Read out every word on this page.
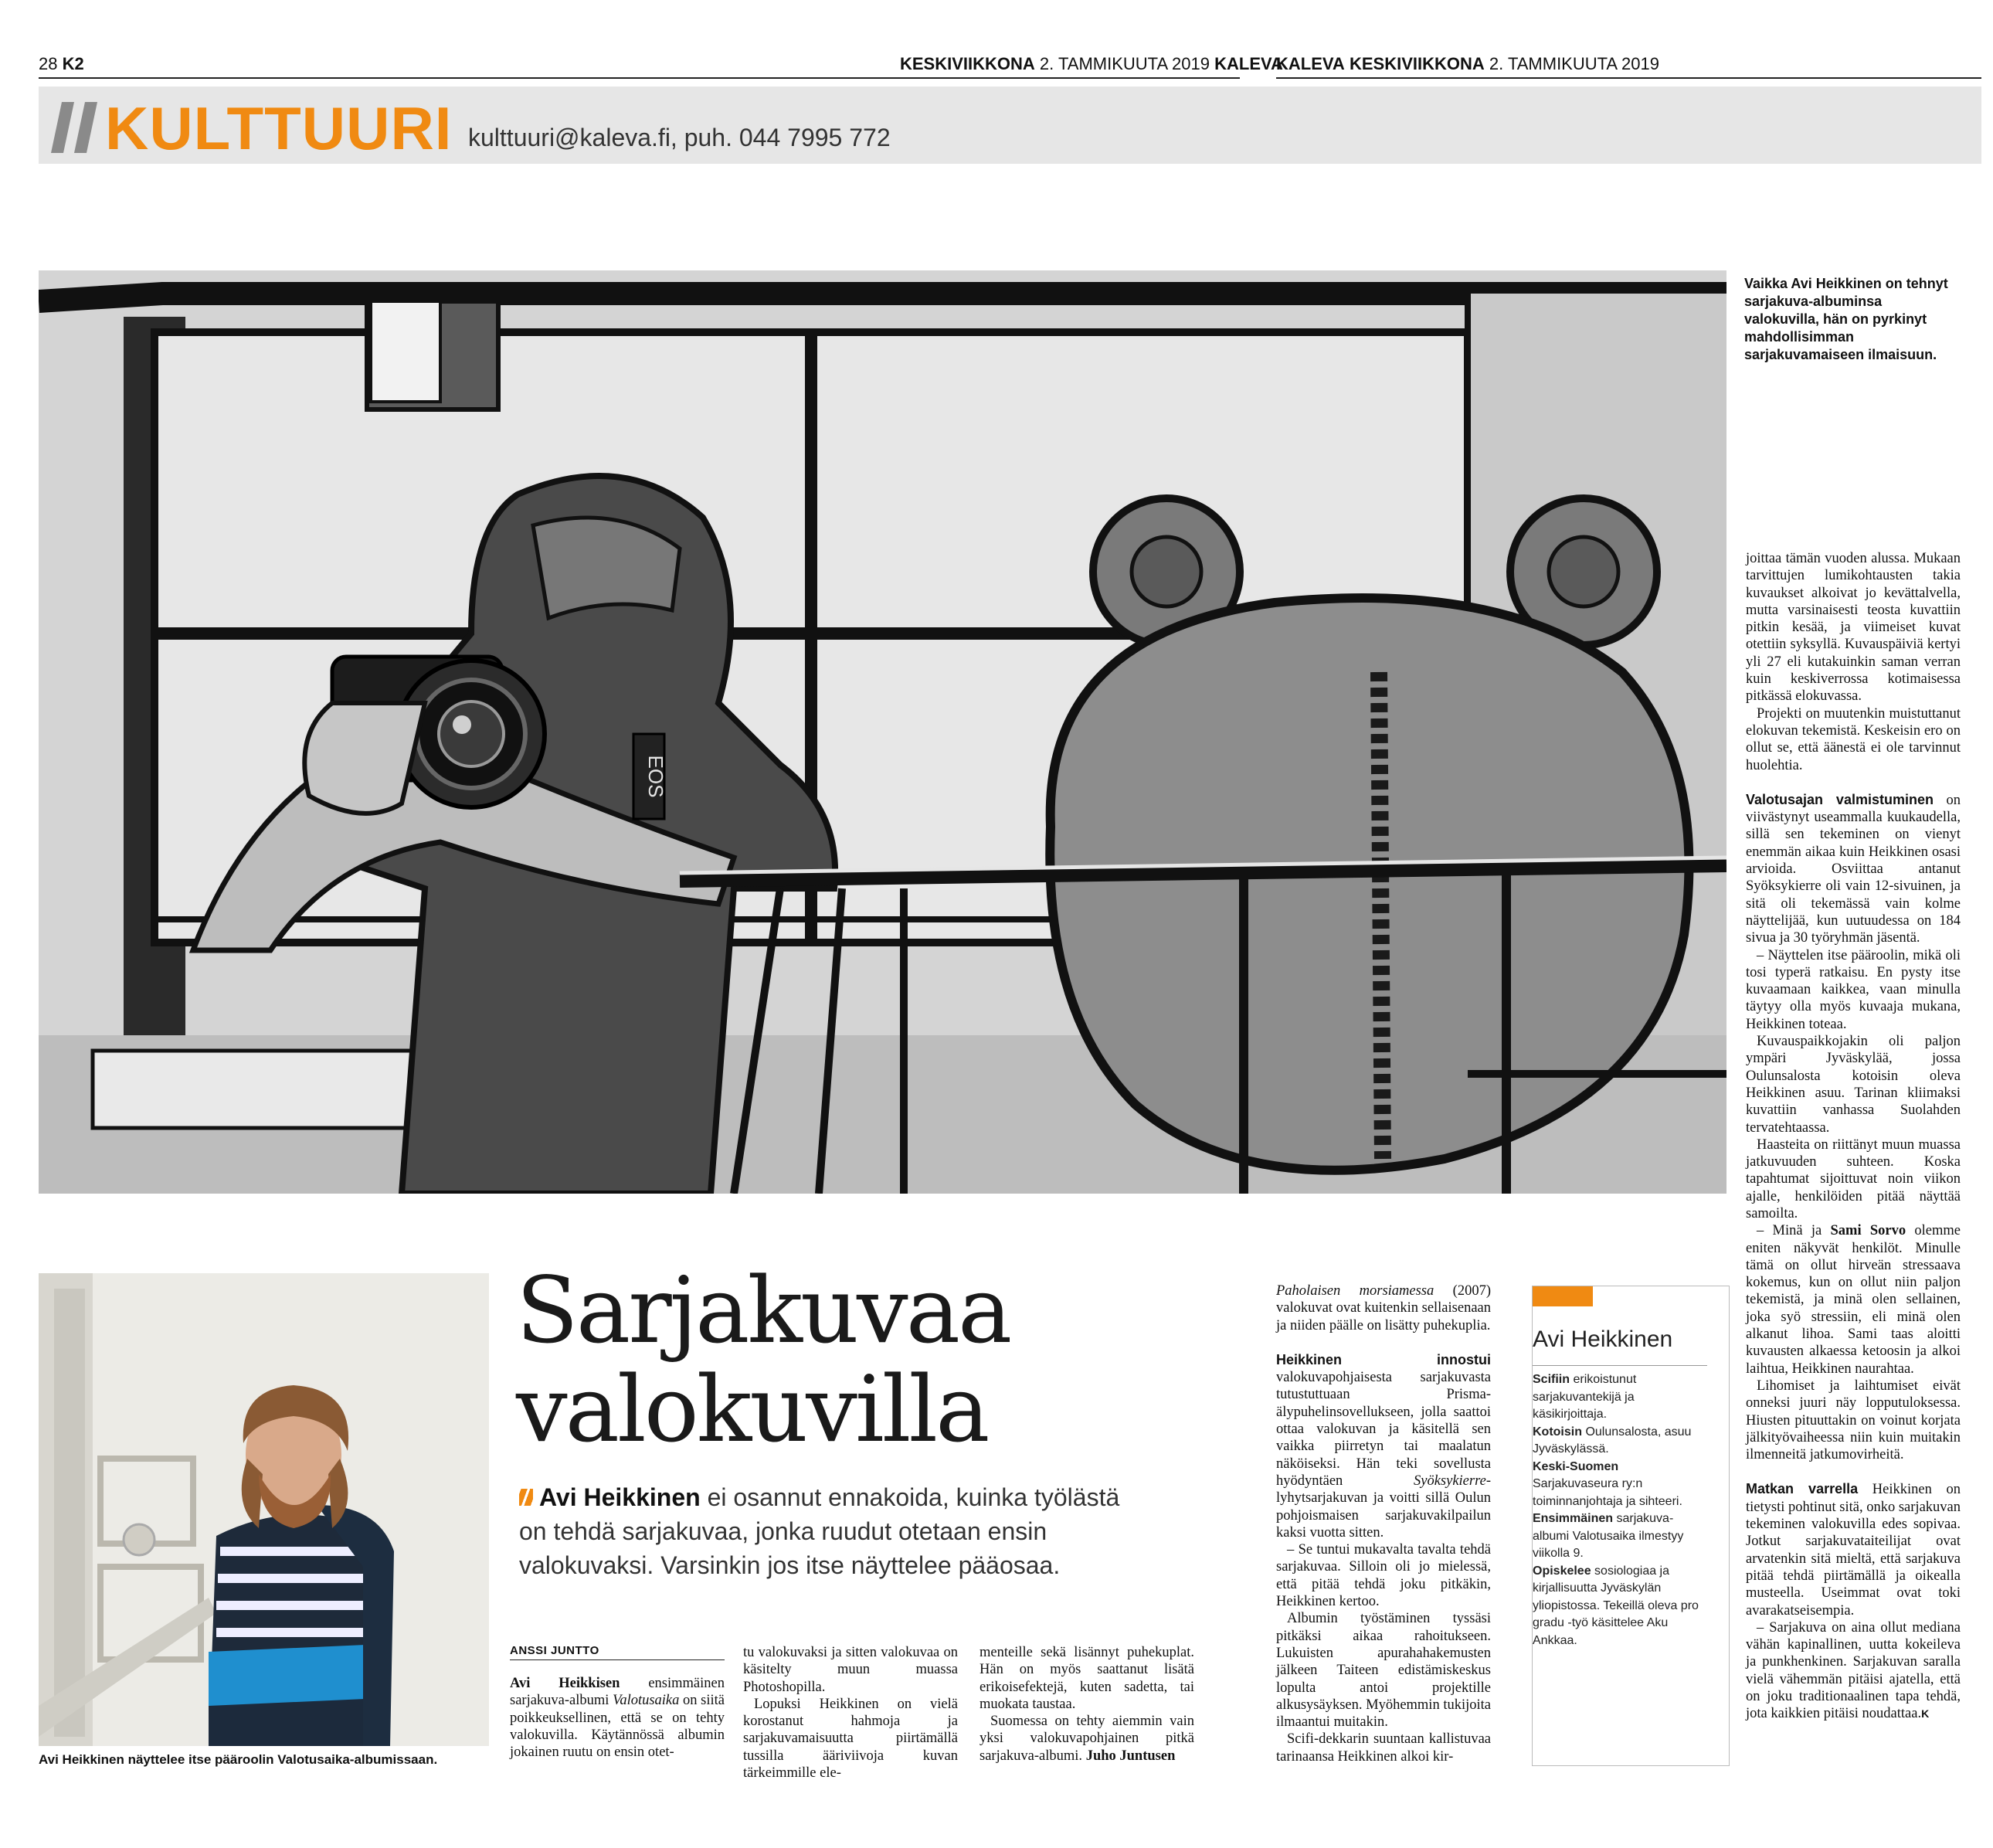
28 K2	KESKIVIIKKONA 2. TAMMIKUUTA 2019 KALEVA
KALEVA KESKIVIIKKONA 2. TAMMIKUUTA 2019
KULTTUURI kulttuuri@kaleva.fi, puh. 044 7995 772
EOS
Vaikka Avi Heikkinen on tehnyt sarjakuva-albuminsa valokuvilla, hän on pyrkinyt mahdollisimman sarjakuvamaiseen ilmaisuun.
Avi Heikkinen näyttelee itse pääroolin Valotusaika-albumissaan.
Sarjakuvaa
valokuvilla
Avi Heikkinen ei osannut ennakoida, kuinka työlästä on tehdä sarjakuvaa, jonka ruudut otetaan ensin valokuvaksi. Varsinkin jos itse näyttelee pääosaa.
ANSSI JUNTTO

Avi Heikkisen ensimmäinen sarjakuva-albumi Valotusaika on siitä poikkeuksellinen, että se on tehty valokuvilla. Käytännössä albumin jokainen ruutu on ensin otet-

tu valokuvaksi ja sitten valokuvaa on käsitelty muun muassa Photoshopilla.

Lopuksi Heikkinen on vielä korostanut hahmoja ja sarjakuvamaisuutta piirtämällä tussilla ääriviivoja kuvan tärkeimmille ele-

menteille sekä lisännyt puhekuplat. Hän on myös saattanut lisätä erikoisefektejä, kuten sadetta, tai muokata taustaa.

Suomessa on tehty aiemmin vain yksi valokuvapohjainen pitkä sarjakuva-albumi. Juho Juntusen

Paholaisen morsiamessa (2007) valokuvat ovat kuitenkin sellaisenaan ja niiden päälle on lisätty puhekuplia.

Heikkinen innostui valokuvapohjaisesta sarjakuvasta tutustuttuaan Prisma-älypuhelinsovellukseen, jolla saattoi ottaa valokuvan ja käsitellä sen vaikka piirretyn tai maalatun näköiseksi. Hän teki sovellusta hyödyntäen Syöksykierre-lyhytsarjakuvan ja voitti sillä Oulun pohjoismaisen sarjakuvakilpailun kaksi vuotta sitten.

– Se tuntui mukavalta tavalta tehdä sarjakuvaa. Silloin oli jo mielessä, että pitää tehdä joku pitkäkin, Heikkinen kertoo.

Albumin työstäminen tyssäsi pitkäksi aikaa rahoitukseen. Lukuisten apurahahakemusten jälkeen Taiteen edistämiskeskus lopulta antoi projektille alkusysäyksen. Myöhemmin tukijoita ilmaantui muitakin.

Scifi-dekkarin suuntaan kallistuvaa tarinaansa Heikkinen alkoi kir-

Avi Heikkinen
Scifiin erikoistunut sarjakuvantekijä ja käsikirjoittaja.
Kotoisin Oulunsalosta, asuu Jyväskylässä.
Keski-Suomen Sarjakuvaseura ry:n toiminnanjohtaja ja sihteeri.
Ensimmäinen sarjakuva-albumi Valotusaika ilmestyy viikolla 9.
Opiskelee sosiologiaa ja kirjallisuutta Jyväskylän yliopistossa. Tekeillä oleva pro gradu -työ käsittelee Aku Ankkaa.

joittaa tämän vuoden alussa. Mukaan tarvittujen lumikohtausten takia kuvaukset alkoivat jo kevättalvella, mutta varsinaisesti teosta kuvattiin pitkin kesää, ja viimeiset kuvat otettiin syksyllä. Kuvauspäiviä kertyi yli 27 eli kutakuinkin saman verran kuin keskiverrossa kotimaisessa pitkässä elokuvassa.

Projekti on muutenkin muistuttanut elokuvan tekemistä. Keskeisin ero on ollut se, että äänestä ei ole tarvinnut huolehtia.

Valotusajan valmistuminen on viivästynyt useammalla kuukaudella, sillä sen tekeminen on vienyt enemmän aikaa kuin Heikkinen osasi arvioida. Osviittaa antanut Syöksykierre oli vain 12-sivuinen, ja sitä oli tekemässä vain kolme näyttelijää, kun uutuudessa on 184 sivua ja 30 työryhmän jäsentä.

– Näyttelen itse pääroolin, mikä oli tosi typerä ratkaisu. En pysty itse kuvaamaan kaikkea, vaan minulla täytyy olla myös kuvaaja mukana, Heikkinen toteaa.

Kuvauspaikkojakin oli paljon ympäri Jyväskylää, jossa Oulunsalosta kotoisin oleva Heikkinen asuu. Tarinan kliimaksi kuvattiin vanhassa Suolahden tervatehtaassa.

Haasteita on riittänyt muun muassa jatkuvuuden suhteen. Koska tapahtumat sijoittuvat noin viikon ajalle, henkilöiden pitää näyttää samoilta.

– Minä ja Sami Sorvo olemme eniten näkyvät henkilöt. Minulle tämä on ollut hirveän stressaava kokemus, kun on ollut niin paljon tekemistä, ja minä olen sellainen, joka syö stressiin, eli minä olen alkanut lihoa. Sami taas aloitti kuvausten alkaessa ketoosin ja alkoi laihtua, Heikkinen naurahtaa.

Lihomiset ja laihtumiset eivät onneksi juuri näy lopputuloksessa. Hiusten pituuttakin on voinut korjata jälkityövaiheessa niin kuin muitakin ilmenneitä jatkumovirheitä.

Matkan varrella Heikkinen on tietysti pohtinut sitä, onko sarjakuvan tekeminen valokuvilla edes sopivaa. Jotkut sarjakuvataiteilijat ovat arvatenkin sitä mieltä, että sarjakuva pitää tehdä piirtämällä ja oikealla musteella. Useimmat ovat toki avarakatseisempia.

– Sarjakuva on aina ollut mediana vähän kapinallinen, uutta kokeileva ja punkhenkinen. Sarjakuvan saralla vielä vähemmän pitäisi ajatella, että on joku traditionaalinen tapa tehdä, jota kaikkien pitäisi noudattaa.K
